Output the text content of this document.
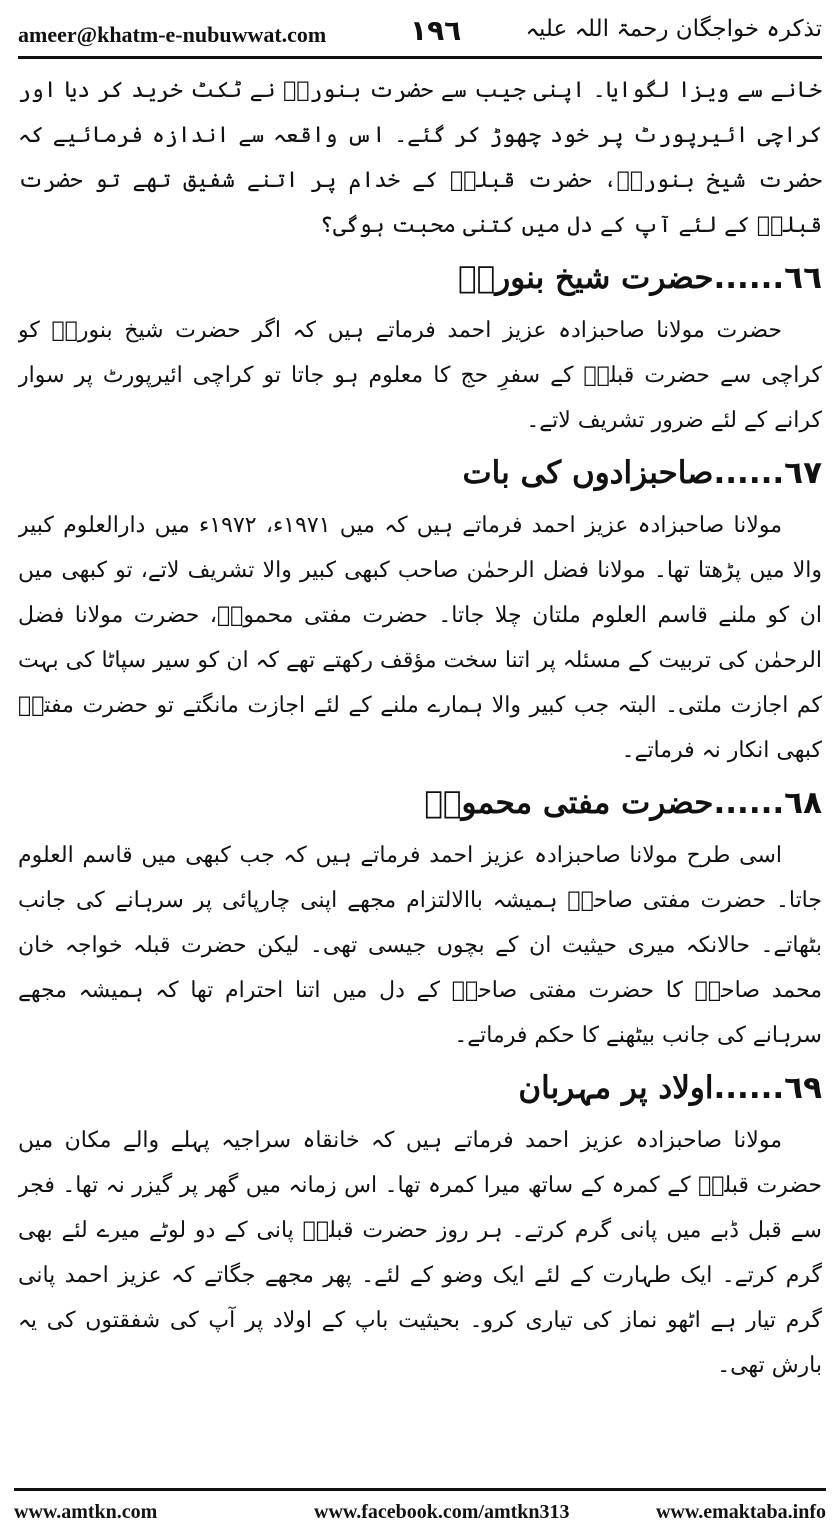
ameer@khatm-e-nubuwwat.com	۱۹٦	تذکرہ خواجگان رحمۃ اللہ علیہ

خانے سے ویزا لگوایا۔ اپنی جیب سے حضرت بنوریؒ نے ٹکٹ خرید کر دیا اور کراچی ائیرپورٹ پر خود چھوڑ کر گئے۔ اس واقعہ سے اندازہ فرمائیے کہ حضرت شیخ بنوریؒ، حضرت قبلہؒ کے خدام پر اتنے شفیق تھے تو حضرت قبلہؒ کے لئے آپ کے دل میں کتنی محبت ہوگی؟

٦٦......حضرت شیخ بنوریؒ

حضرت مولانا صاحبزادہ عزیز احمد فرماتے ہیں کہ اگر حضرت شیخ بنوریؒ کو کراچی سے حضرت قبلہؒ کے سفرِ حج کا معلوم ہو جاتا تو کراچی ائیرپورٹ پر سوار کرانے کے لئے ضرور تشریف لاتے۔

٦٧......صاحبزادوں کی بات

مولانا صاحبزادہ عزیز احمد فرماتے ہیں کہ میں ۱۹۷۱ء، ۱۹۷۲ء میں دارالعلوم کبیر والا میں پڑھتا تھا۔ مولانا فضل الرحمٰن صاحب کبھی کبیر والا تشریف لاتے، تو کبھی میں ان کو ملنے قاسم العلوم ملتان چلا جاتا۔ حضرت مفتی محمودؒ، حضرت مولانا فضل الرحمٰن کی تربیت کے مسئلہ پر اتنا سخت مؤقف رکھتے تھے کہ ان کو سیر سپاٹا کی بہت کم اجازت ملتی۔ البتہ جب کبیر والا ہمارے ملنے کے لئے اجازت مانگتے تو حضرت مفتیؒ کبھی انکار نہ فرماتے۔

٦٨......حضرت مفتی محمودؒ

اسی طرح مولانا صاحبزادہ عزیز احمد فرماتے ہیں کہ جب کبھی میں قاسم العلوم جاتا۔ حضرت مفتی صاحبؒ ہمیشہ باالالتزام مجھے اپنی چارپائی پر سرہانے کی جانب بٹھاتے۔ حالانکہ میری حیثیت ان کے بچوں جیسی تھی۔ لیکن حضرت قبلہ خواجہ خان محمد صاحبؒ کا حضرت مفتی صاحبؒ کے دل میں اتنا احترام تھا کہ ہمیشہ مجھے سرہانے کی جانب بیٹھنے کا حکم فرماتے۔

٦٩......اولاد پر مہربان

مولانا صاحبزادہ عزیز احمد فرماتے ہیں کہ خانقاہ سراجیہ پہلے والے مکان میں حضرت قبلہؒ کے کمرہ کے ساتھ میرا کمرہ تھا۔ اس زمانہ میں گھر پر گیزر نہ تھا۔ فجر سے قبل ڈبے میں پانی گرم کرتے۔ ہر روز حضرت قبلہؒ پانی کے دو لوٹے میرے لئے بھی گرم کرتے۔ ایک طہارت کے لئے ایک وضو کے لئے۔ پھر مجھے جگاتے کہ عزیز احمد پانی گرم تیار ہے اٹھو نماز کی تیاری کرو۔ بحیثیت باپ کے اولاد پر آپ کی شفقتوں کی یہ بارش تھی۔

www.amtkn.com	www.facebook.com/amtkn313	www.emaktaba.info
